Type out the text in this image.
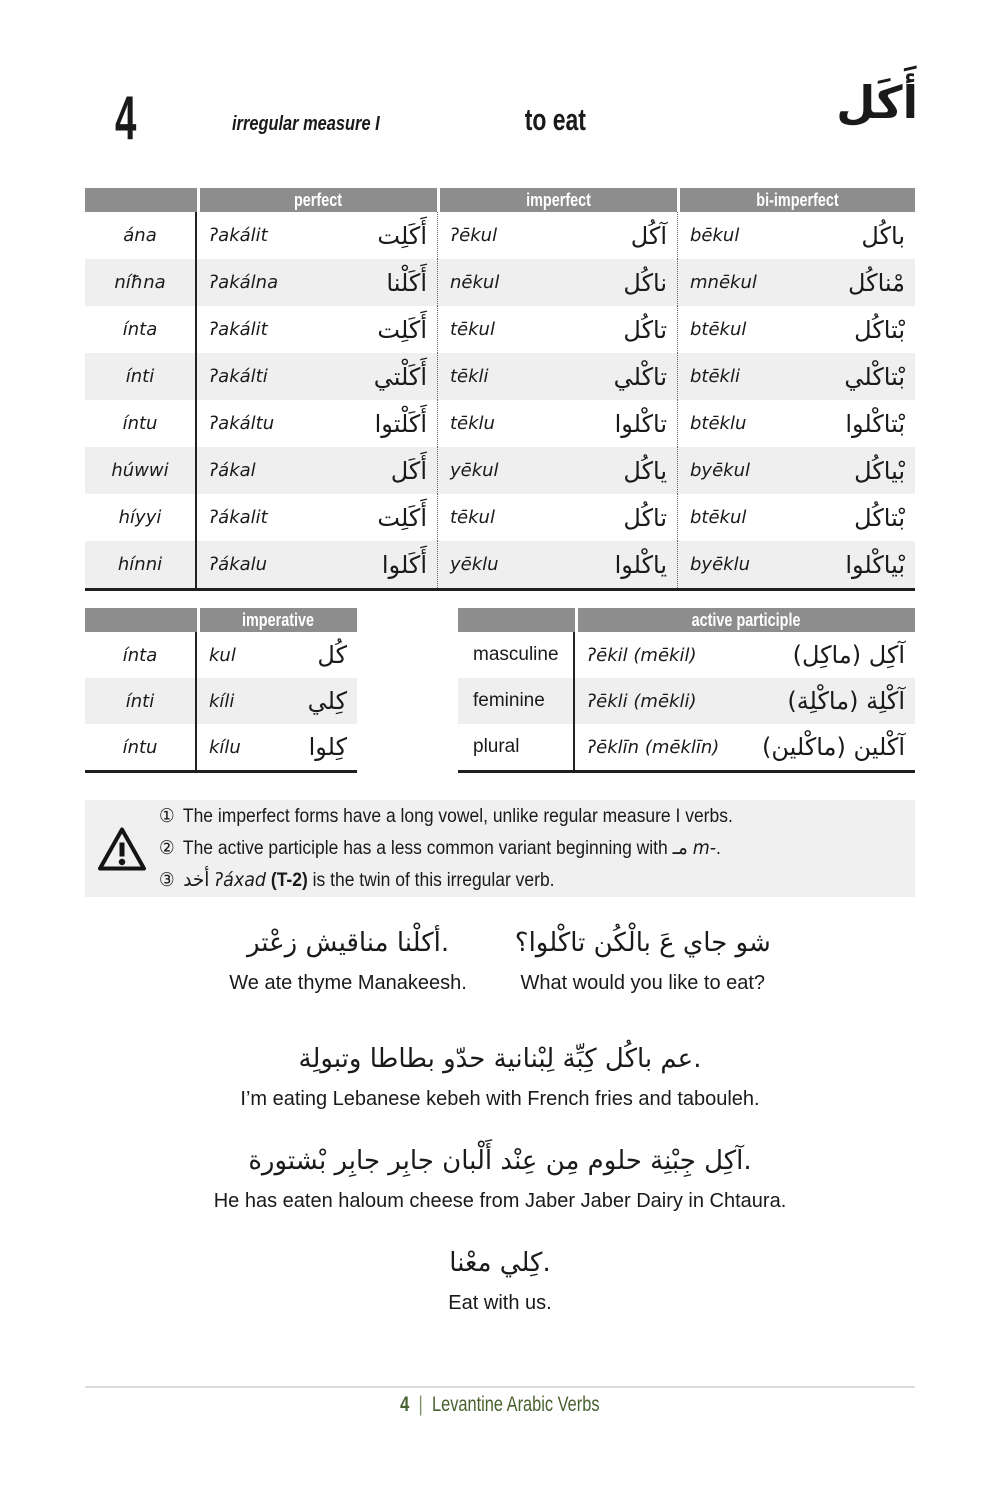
4	irregular measure I	to eat	أَكَل
perfect	imperfect	bi-imperfect
ána	ʔakálit	أَكَلِت ʔēkul	آكُل bēkul	باكُل
níħna	ʔakálna	أَكَلْنا nēkul	ناكُل mnēkul	مْناكُل
ínta	ʔakálit	أَكَلِت tēkul	تاكُل btēkul	بْتاكُل
ínti	ʔakálti	أَكَلْتي tēkli	تاكْلي btēkli	بْتاكْلي
íntu	ʔakáltu	أَكَلْتوا tēklu	تاكْلوا btēklu	بْتاكْلوا
húwwi	ʔákal	أَكَل yēkul	ياكُل byēkul	بْياكُل
híyyi	ʔákalit	أَكَلِت tēkul	تاكُل btēkul	بْتاكُل
hínni	ʔákalu	أَكَلوا yēklu	ياكْلوا byēklu	بْياكْلوا
imperative
ínta	kul	كُل
ínti	kíli	كِلي
íntu	kílu	كِلوا
active participle
masculine	ʔēkil (mēkil)	آكِل (ماكِل)
feminine	ʔēkli (mēkli)	آكْلِة (ماكْلِة)
plural	ʔēklīn (mēklīn) آكْلين (ماكْلين)
① The imperfect forms have a long vowel, unlike regular measure I verbs.
② The active participle has a less common variant beginning with مـ m-.
③ أخد ʔáxad (T-2) is the twin of this irregular verb.
أكلْنا مناقيش زعْتر.
We ate thyme Manakeesh.
شو جاي عَ بالْكُن تاكْلوا؟
What would you like to eat?
عم باكُل كِبِّة لِبْنانية حدّو بطاطا وتبولِة.
I’m eating Lebanese kebeh with French fries and tabouleh.
آكِل جِبْنِة حلوم مِن عِنْد أَلْبان جابِر جابِر بْشتورة.
He has eaten haloum cheese from Jaber Jaber Dairy in Chtaura.
كِلي معْنا.
Eat with us.
4 | Levantine Arabic Verbs
